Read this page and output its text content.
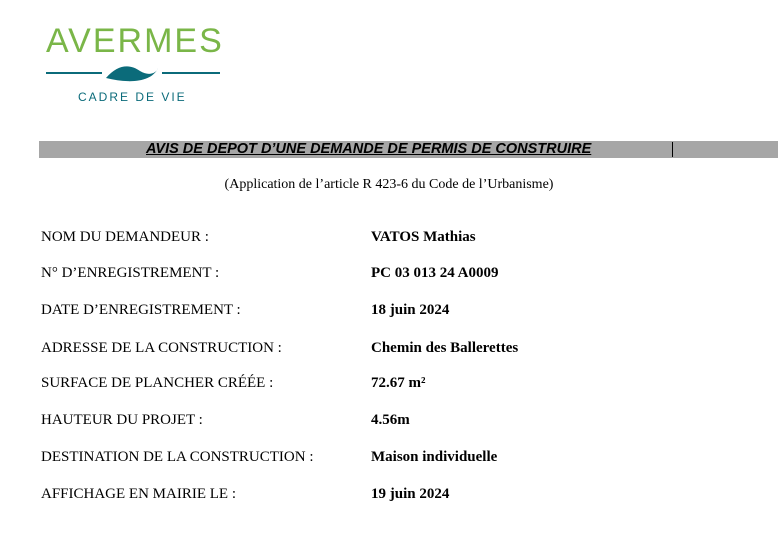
AVERMES
CADRE DE VIE
AVIS DE DEPOT D’UNE DEMANDE DE PERMIS DE CONSTRUIRE
(Application de l’article R 423-6 du Code de l’Urbanisme)
NOM DU DEMANDEUR :	VATOS Mathias
N° D’ENREGISTREMENT :	PC 03 013 24 A0009
DATE D’ENREGISTREMENT :	18 juin 2024
ADRESSE DE LA CONSTRUCTION :	Chemin des Ballerettes
SURFACE DE PLANCHER CRÉÉE :	72.67 m²
HAUTEUR DU PROJET :	4.56m
DESTINATION DE LA CONSTRUCTION :	Maison individuelle
AFFICHAGE EN MAIRIE LE :	19 juin 2024
